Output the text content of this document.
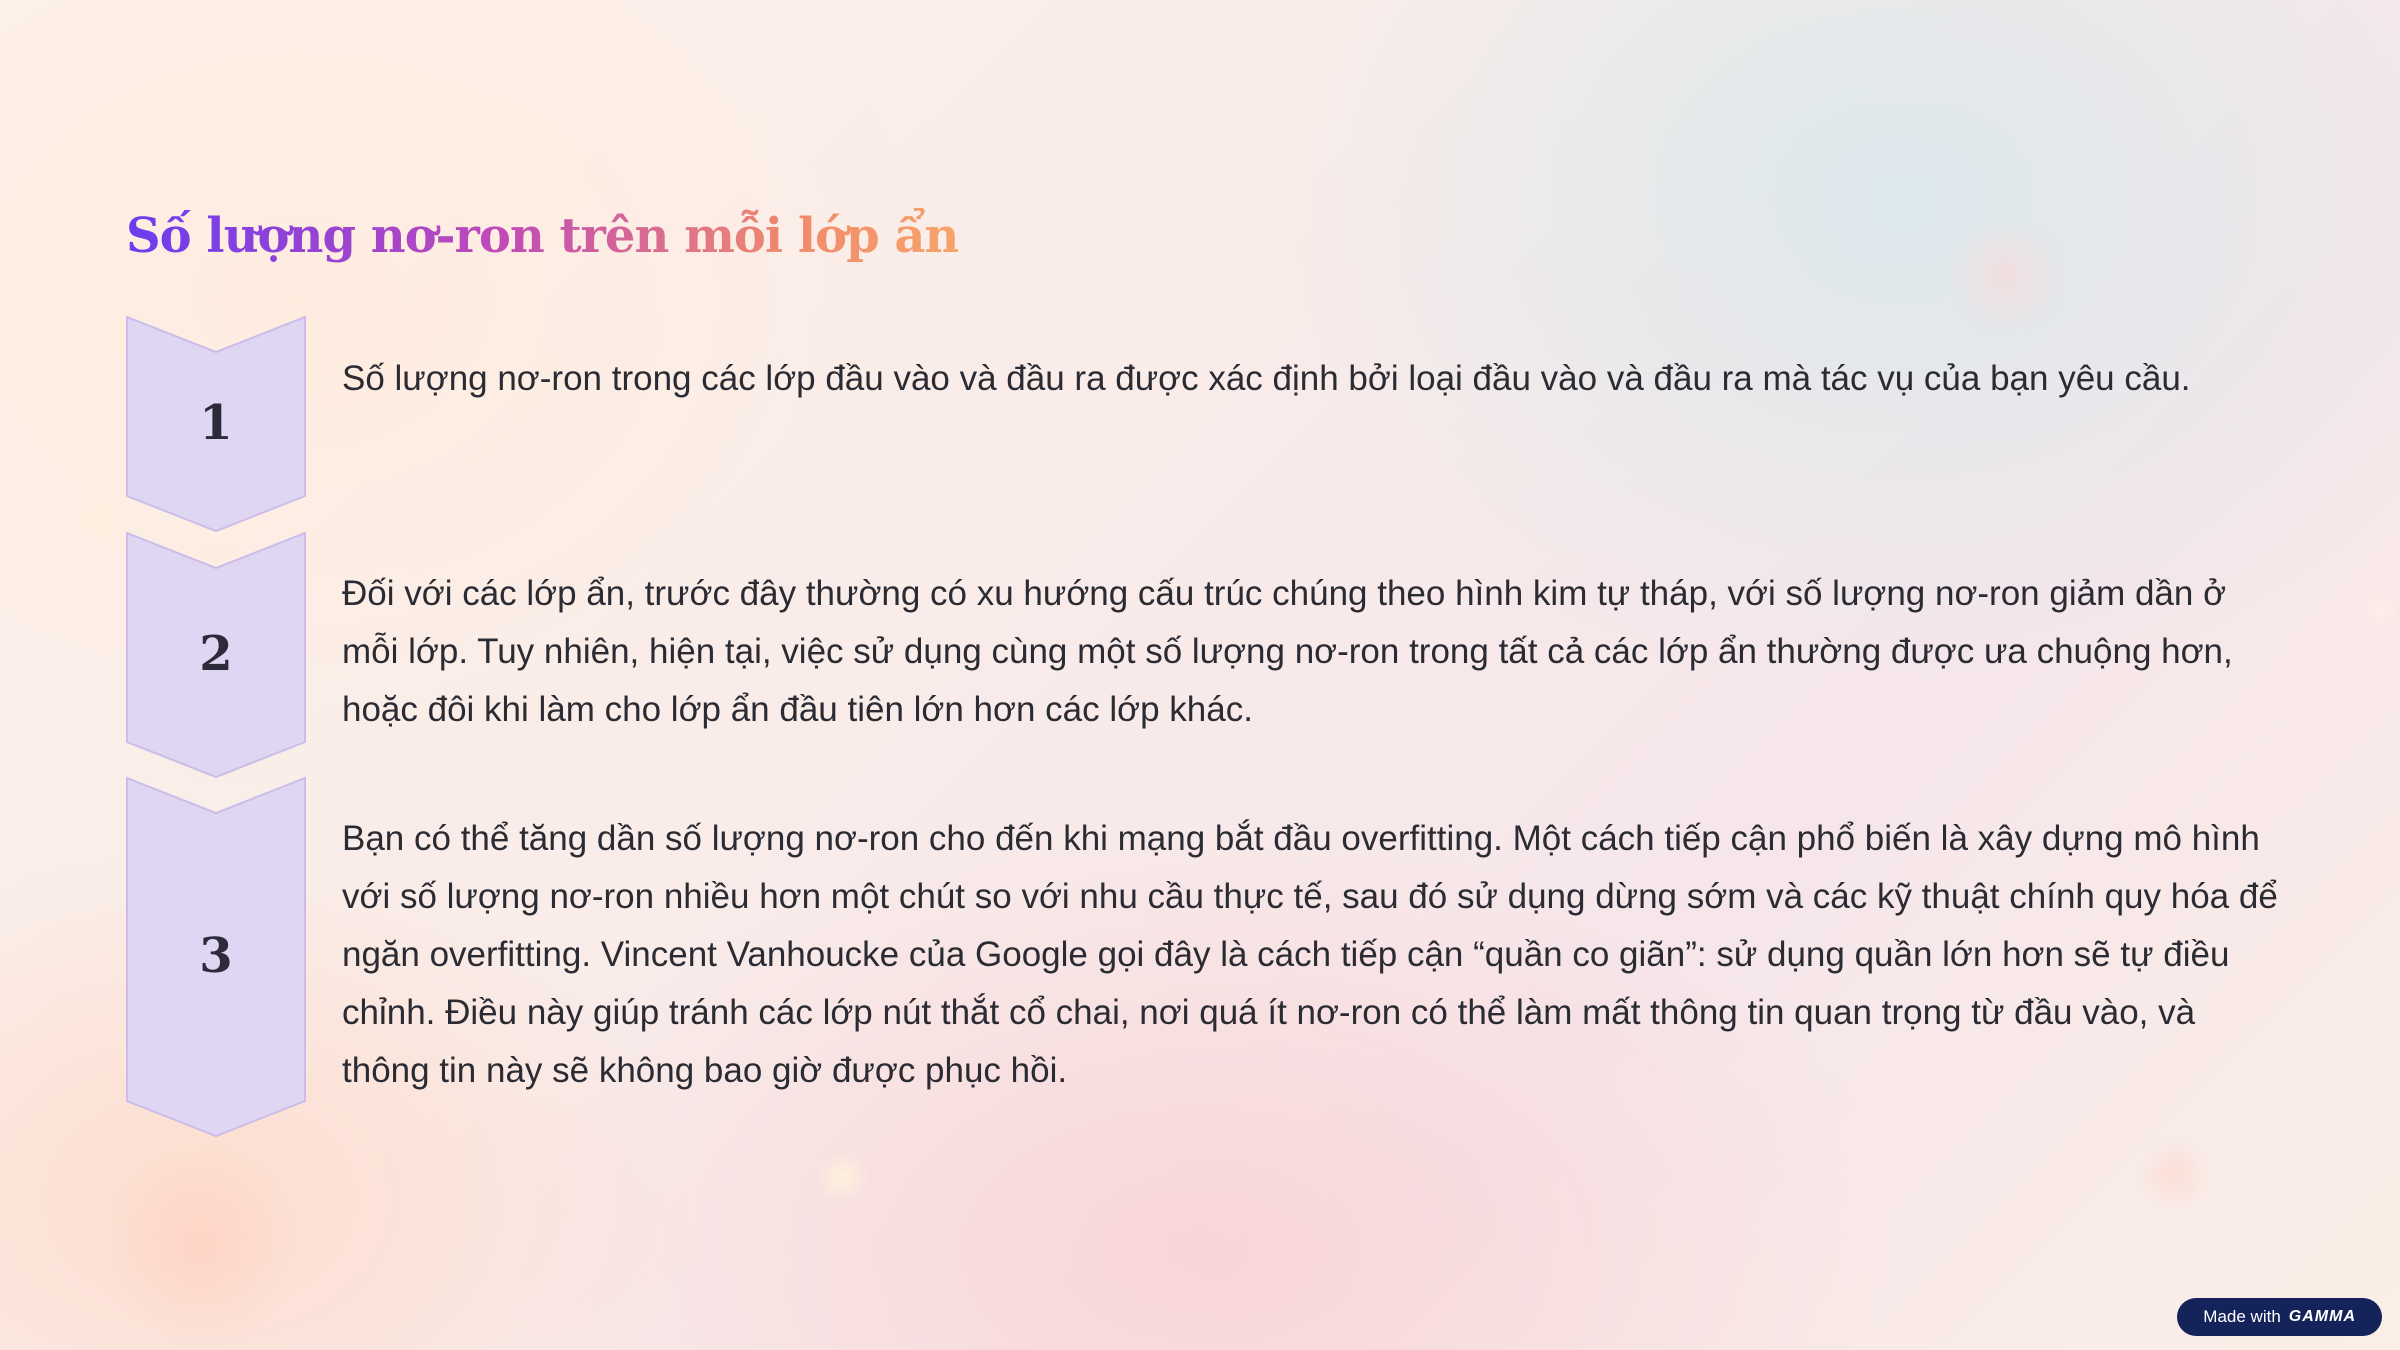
Số lượng nơ-ron trên mỗi lớp ẩn
1

Số lượng nơ-ron trong các lớp đầu vào và đầu ra được xác định bởi loại đầu vào và đầu ra mà tác vụ của bạn yêu cầu.

2

Đối với các lớp ẩn, trước đây thường có xu hướng cấu trúc chúng theo hình kim tự tháp, với số lượng nơ-ron giảm dần ở mỗi lớp. Tuy nhiên, hiện tại, việc sử dụng cùng một số lượng nơ-ron trong tất cả các lớp ẩn thường được ưa chuộng hơn, hoặc đôi khi làm cho lớp ẩn đầu tiên lớn hơn các lớp khác.

3

Bạn có thể tăng dần số lượng nơ-ron cho đến khi mạng bắt đầu overfitting. Một cách tiếp cận phổ biến là xây dựng mô hình với số lượng nơ-ron nhiều hơn một chút so với nhu cầu thực tế, sau đó sử dụng dừng sớm và các kỹ thuật chính quy hóa để ngăn overfitting. Vincent Vanhoucke của Google gọi đây là cách tiếp cận “quần co giãn”: sử dụng quần lớn hơn sẽ tự điều chỉnh. Điều này giúp tránh các lớp nút thắt cổ chai, nơi quá ít nơ-ron có thể làm mất thông tin quan trọng từ đầu vào, và thông tin này sẽ không bao giờ được phục hồi.

Made with GAMMA
